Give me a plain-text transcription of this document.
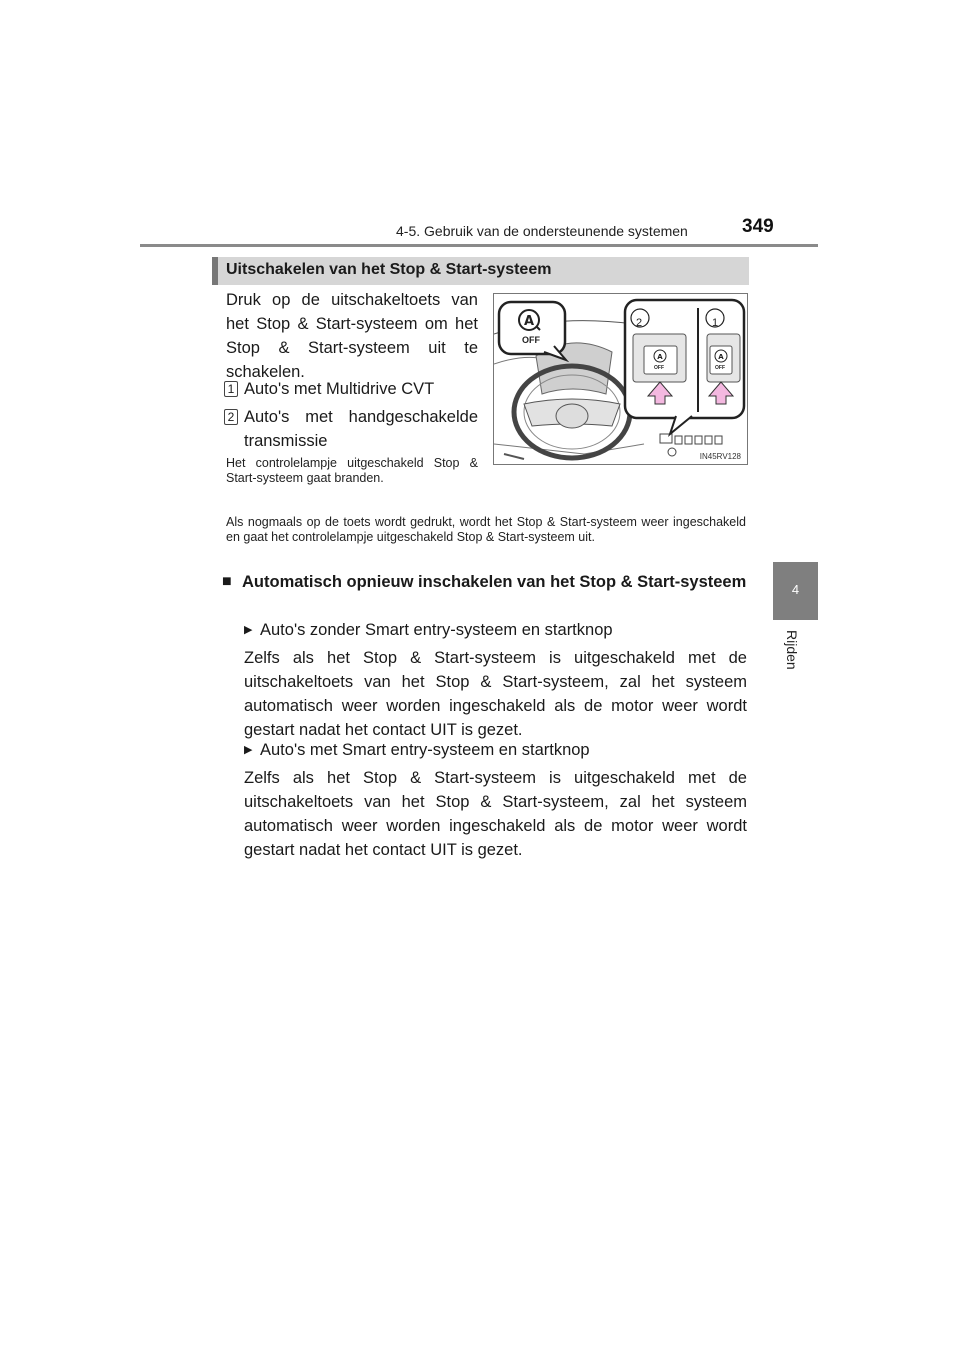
4-5. Gebruik van de ondersteunende systemen	349
4
Rijden
Uitschakelen van het Stop & Start-systeem
Druk op de uitschakeltoets van het Stop & Start-systeem om het Stop & Start-systeem uit te schakelen.
1 Auto's met Multidrive CVT
2 Auto's met handgeschakelde transmissie
Het controlelampje uitgeschakeld Stop & Start-systeem gaat branden.
Als nogmaals op de toets wordt gedrukt, wordt het Stop & Start-systeem weer ingeschakeld en gaat het controlelampje uitgeschakeld Stop & Start-systeem uit.
A
A	A
OFF
2	1
OFF	OFF
IN45RV128
■ Automatisch opnieuw inschakelen van het Stop & Start-systeem
▶ Auto's zonder Smart entry-systeem en startknop
Zelfs als het Stop & Start-systeem is uitgeschakeld met de uitschakeltoets van het Stop & Start-systeem, zal het systeem automatisch weer worden ingeschakeld als de motor weer wordt gestart nadat het contact UIT is gezet.
▶ Auto's met Smart entry-systeem en startknop
Zelfs als het Stop & Start-systeem is uitgeschakeld met de uitschakeltoets van het Stop & Start-systeem, zal het systeem automatisch weer worden ingeschakeld als de motor weer wordt gestart nadat het contact UIT is gezet.
